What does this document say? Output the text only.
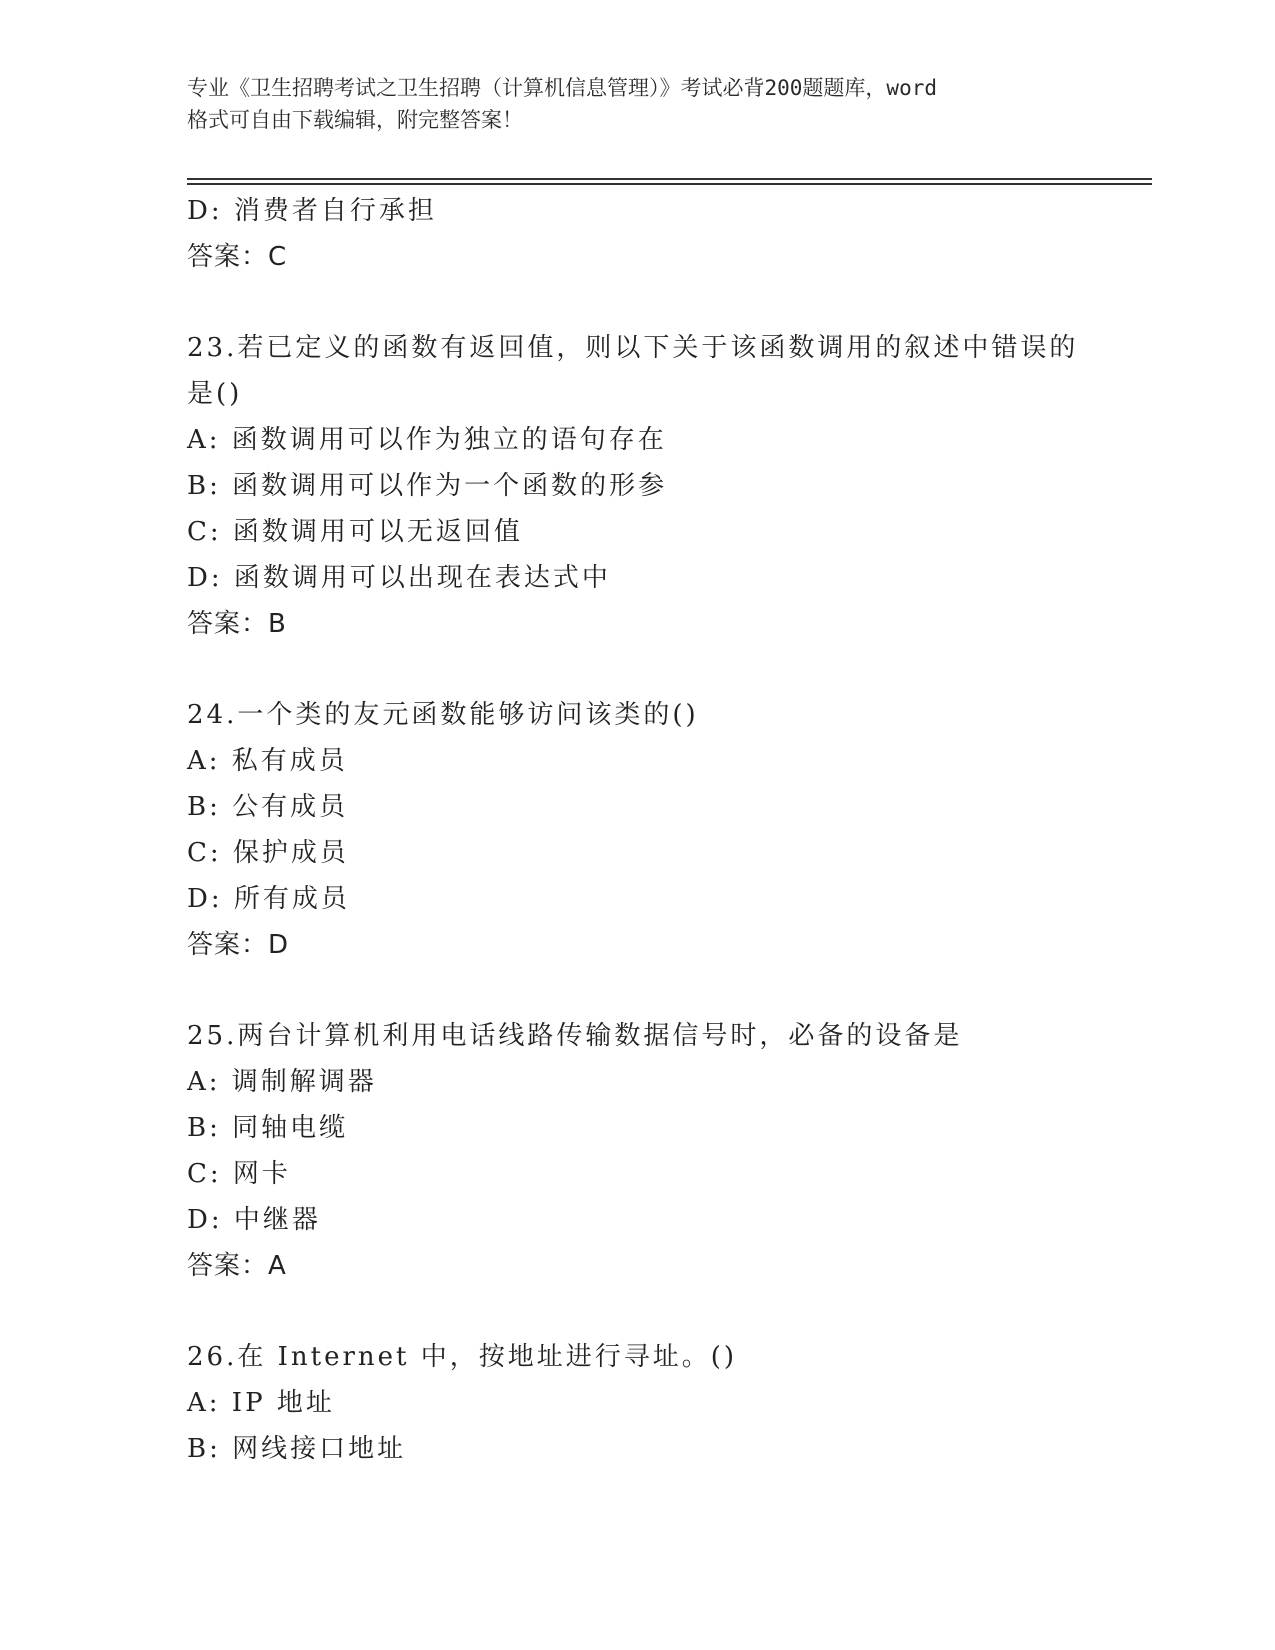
专业《卫生招聘考试之卫生招聘（计算机信息管理）》考试必背200题题库，word
格式可自由下载编辑，附完整答案！
D: 消费者自行承担
答案：C
23.若已定义的函数有返回值，则以下关于该函数调用的叙述中错误的
是()
A: 函数调用可以作为独立的语句存在
B: 函数调用可以作为一个函数的形参
C: 函数调用可以无返回值
D: 函数调用可以出现在表达式中
答案：B
24.一个类的友元函数能够访问该类的()
A: 私有成员
B: 公有成员
C: 保护成员
D: 所有成员
答案：D
25.两台计算机利用电话线路传输数据信号时，必备的设备是
A: 调制解调器
B: 同轴电缆
C: 网卡
D: 中继器
答案：A
26.在 Internet 中，按地址进行寻址。()
A: IP 地址
B: 网线接口地址
